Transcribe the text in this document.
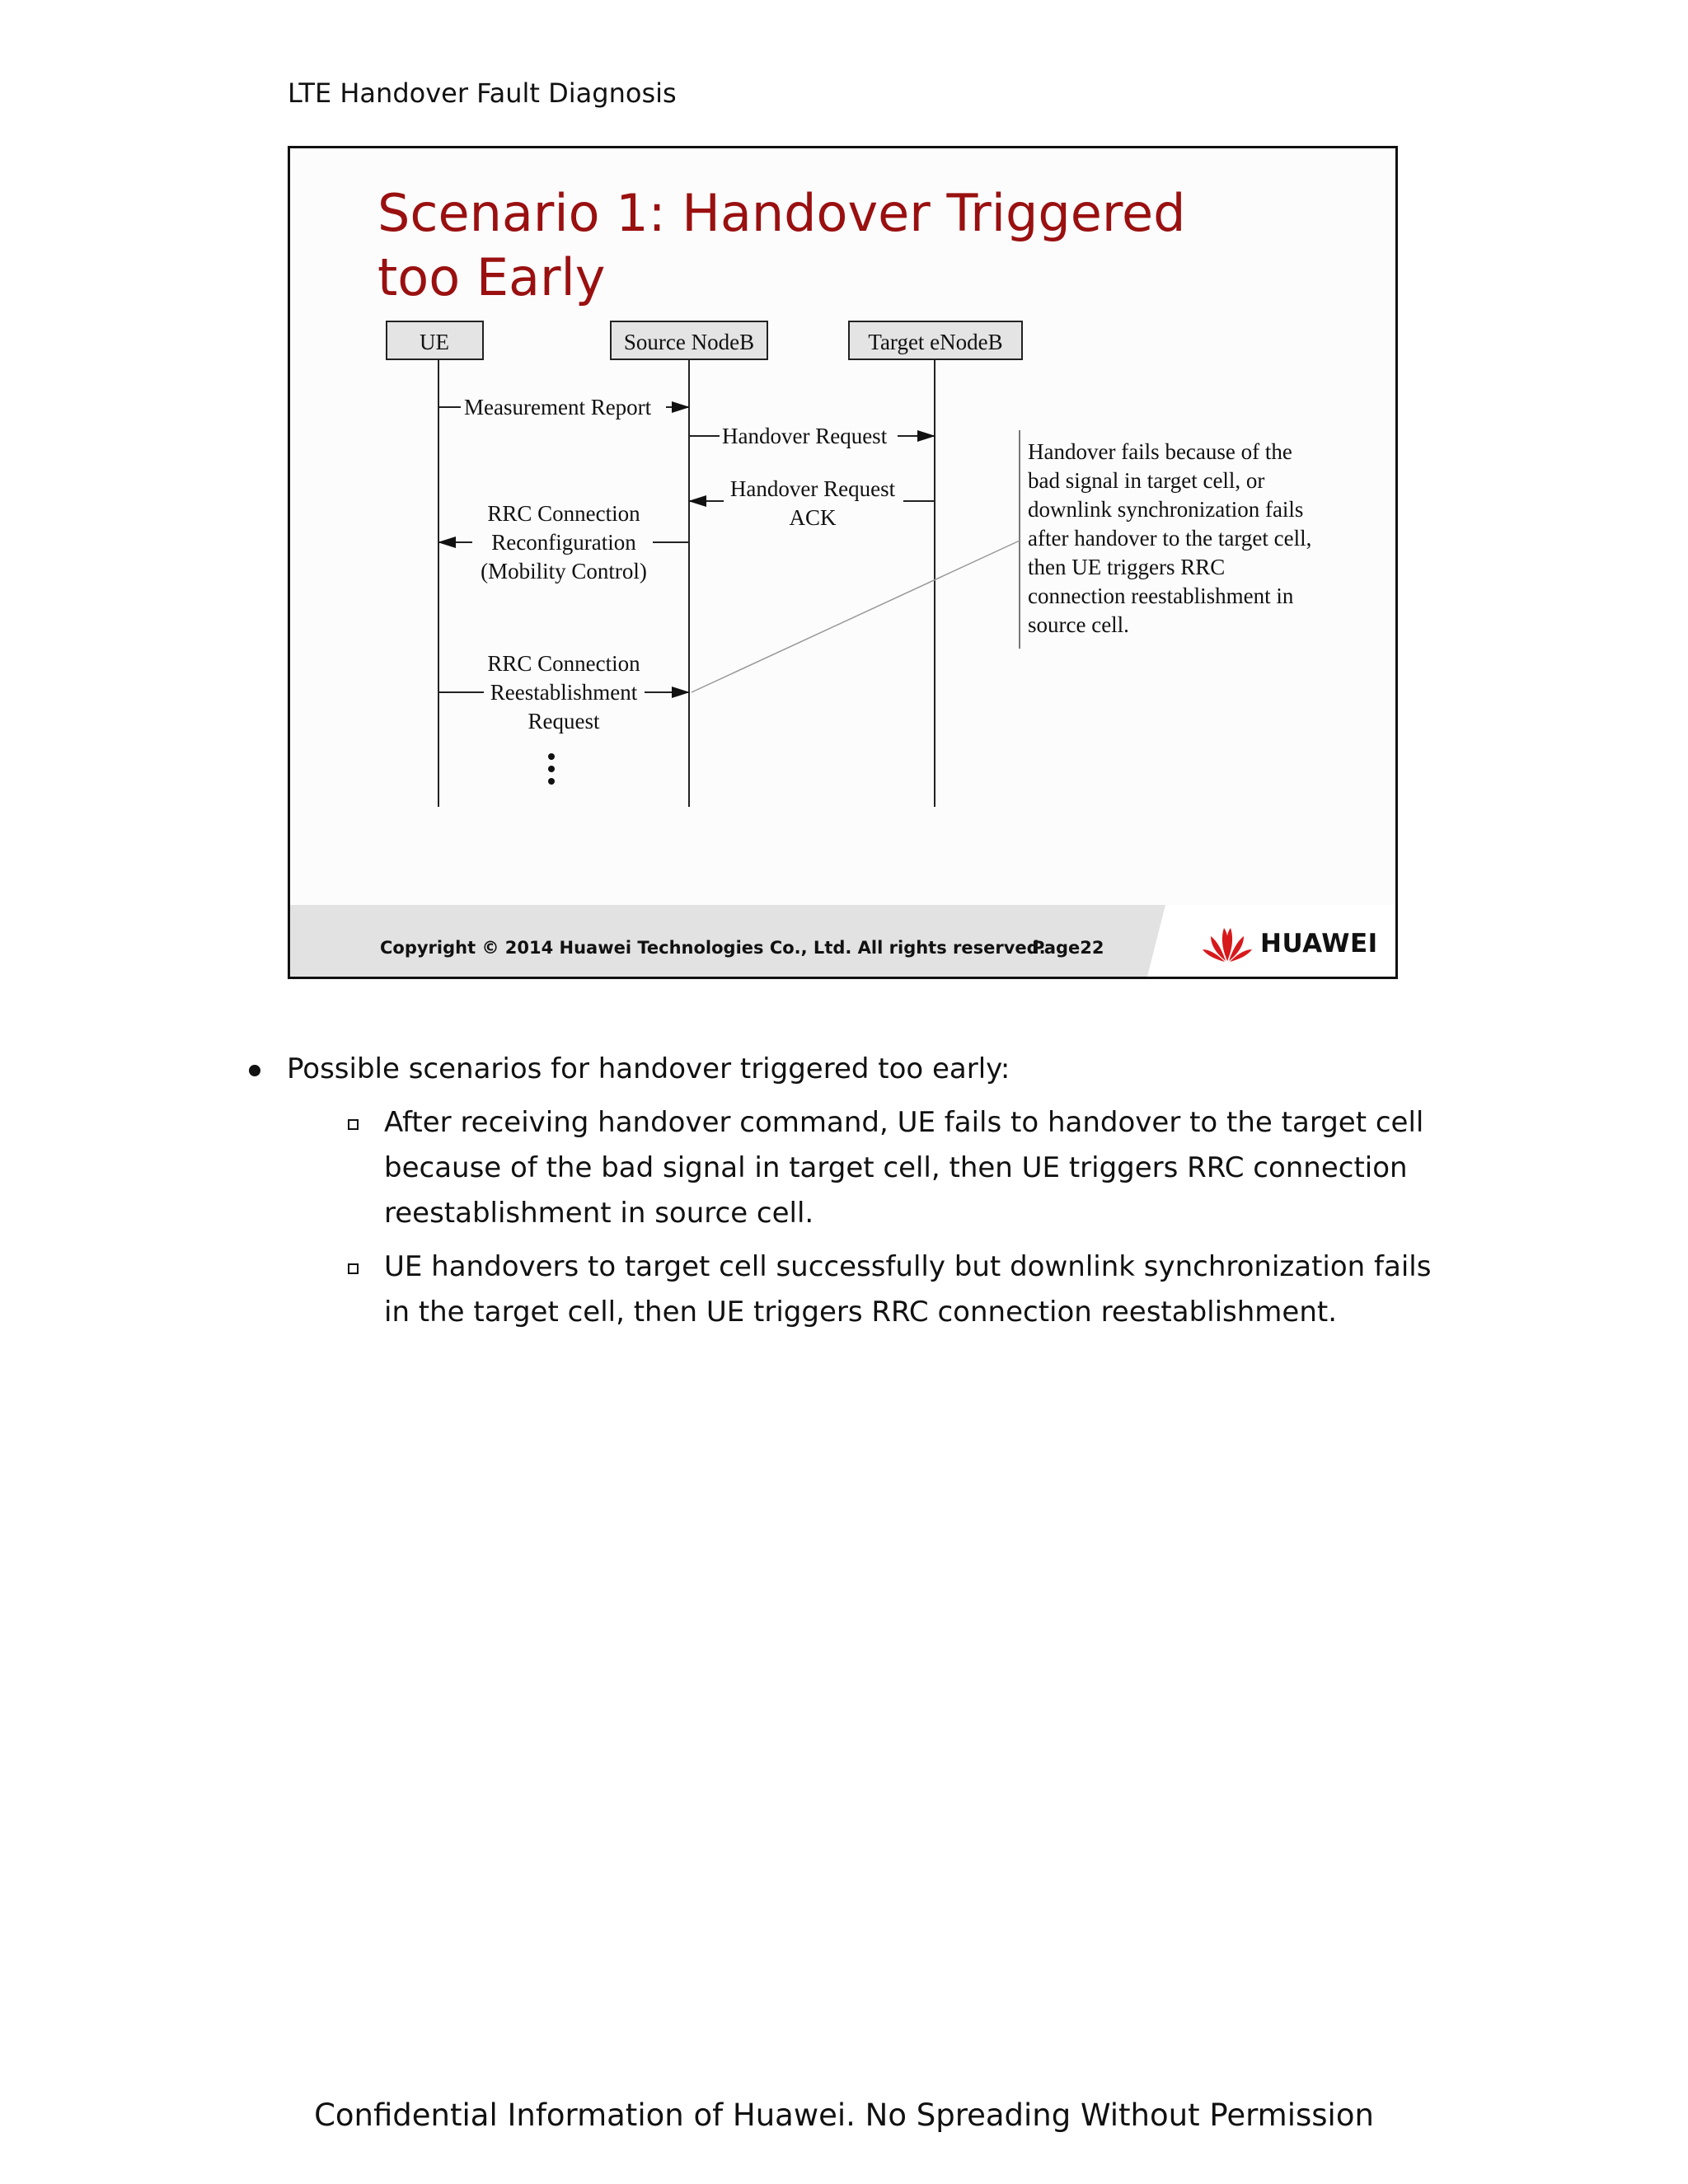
LTE Handover Fault Diagnosis
Scenario 1: Handover Triggered too Early
UE	Source NodeB	Target eNodeB
Measurement Report
Handover Request
Handover Request
ACK
RRC Connection
Reconfiguration
(Mobility Control)
RRC Connection
Reestablishment
Request
Handover fails because of the
bad signal in target cell, or
downlink synchronization fails
after handover to the target cell,
then UE triggers RRC
connection reestablishment in
source cell.
Copyright © 2014 Huawei Technologies Co., Ltd. All rights reserved.
Page22	HUAWEI
Possible scenarios for handover triggered too early:
After receiving handover command, UE fails to handover to the target cell because of the bad signal in target cell, then UE triggers RRC connection reestablishment in source cell.
UE handovers to target cell successfully but downlink synchronization fails in the target cell, then UE triggers RRC connection reestablishment.
Confidential Information of Huawei. No Spreading Without Permission
